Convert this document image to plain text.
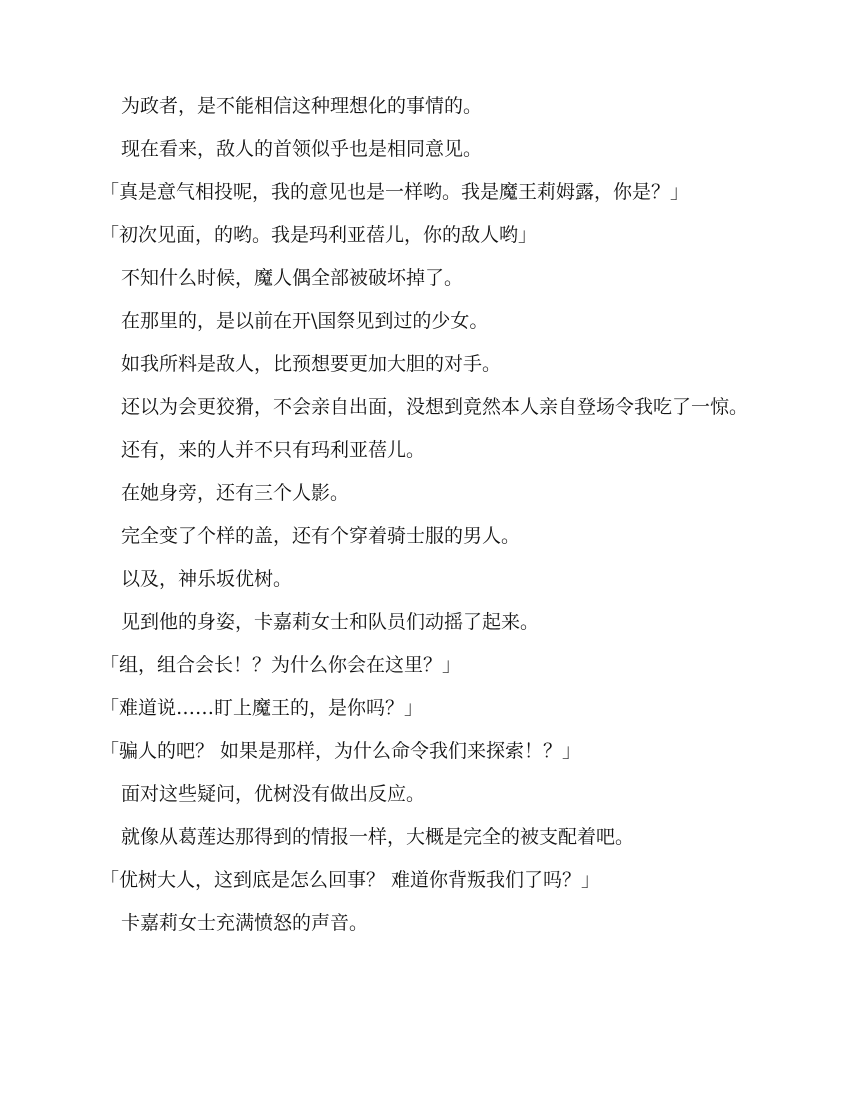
为政者，是不能相信这种理想化的事情的。

现在看来，敌人的首领似乎也是相同意见。

「真是意气相投呢，我的意见也是一样哟。我是魔王莉姆露，你是？」

「初次见面，的哟。我是玛利亚蓓儿，你的敌人哟」

不知什么时候，魔人偶全部被破坏掉了。

在那里的，是以前在开\国祭见到过的少女。

如我所料是敌人，比预想要更加大胆的对手。

还以为会更狡猾，不会亲自出面，没想到竟然本人亲自登场令我吃了一惊。

还有，来的人并不只有玛利亚蓓儿。

在她身旁，还有三个人影。

完全变了个样的盖，还有个穿着骑士服的男人。

以及，神乐坂优树。

见到他的身姿，卡嘉莉女士和队员们动摇了起来。

「组，组合会长！？为什么你会在这里？」

「难道说……盯上魔王的，是你吗？」

「骗人的吧？ 如果是那样，为什么命令我们来探索！？」

面对这些疑问，优树没有做出反应。

就像从葛莲达那得到的情报一样，大概是完全的被支配着吧。

「优树大人，这到底是怎么回事？ 难道你背叛我们了吗？」

卡嘉莉女士充满愤怒的声音。
